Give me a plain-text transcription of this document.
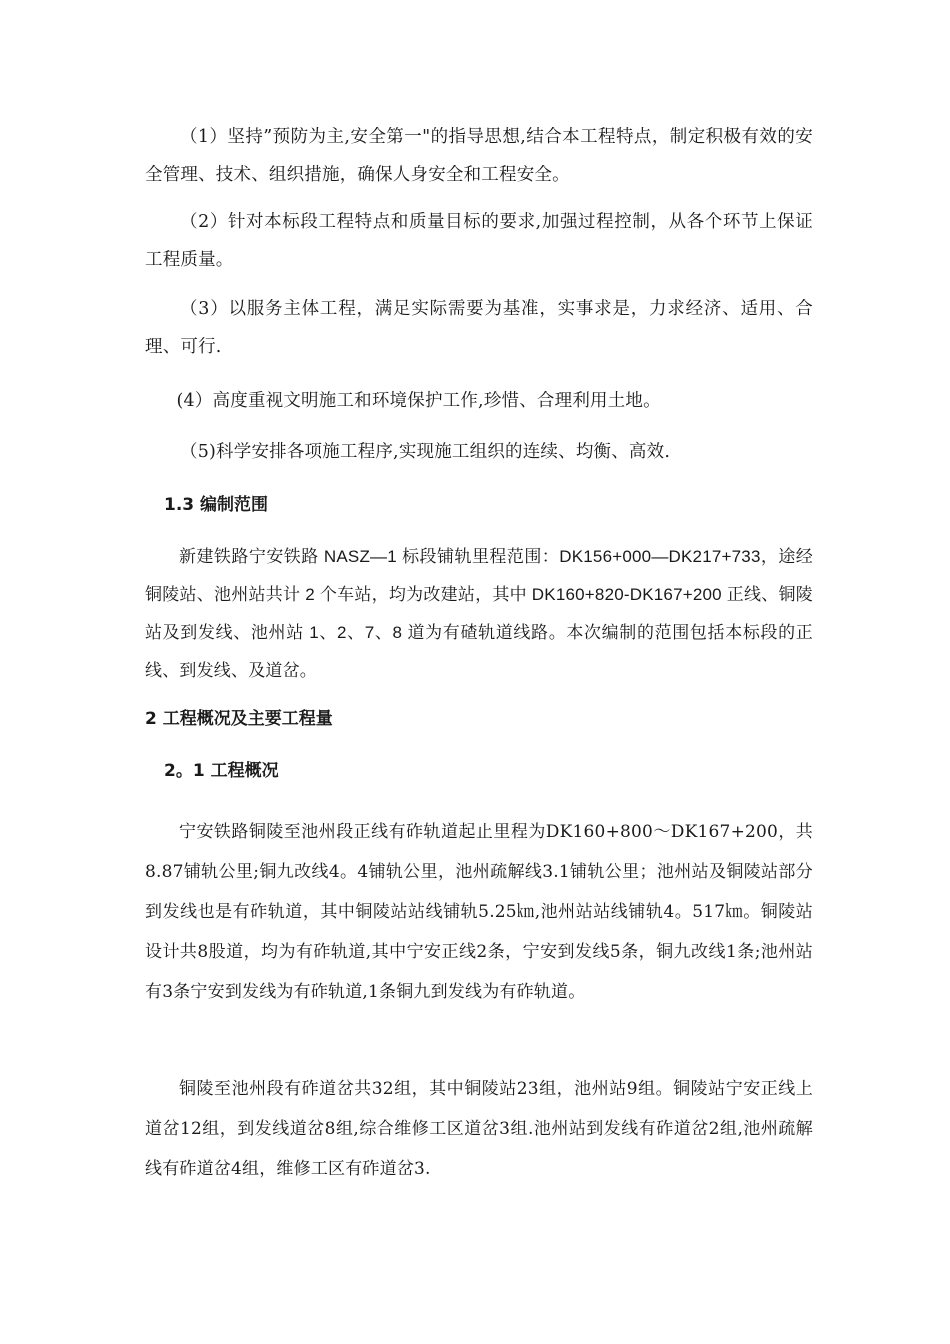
（1）坚持”预防为主,安全第一"的指导思想,结合本工程特点，制定积极有效的安全管理、技术、组织措施，确保人身安全和工程安全。

（2）针对本标段工程特点和质量目标的要求,加强过程控制，从各个环节上保证工程质量。

（3）以服务主体工程，满足实际需要为基准，实事求是，力求经济、适用、合理、可行.

(4）高度重视文明施工和环境保护工作,珍惜、合理利用土地。

（5)科学安排各项施工程序,实现施工组织的连续、均衡、高效.

1.3 编制范围

新建铁路宁安铁路 NASZ—1 标段铺轨里程范围：DK156+000—DK217+733，途经铜陵站、池州站共计 2 个车站，均为改建站，其中 DK160+820-DK167+200 正线、铜陵站及到发线、池州站 1、2、7、8 道为有碴轨道线路。本次编制的范围包括本标段的正线、到发线、及道岔。

2 工程概况及主要工程量
2。1 工程概况

宁安铁路铜陵至池州段正线有砟轨道起止里程为DK160+800～DK167+200，共8.87铺轨公里;铜九改线4。4铺轨公里，池州疏解线3.1铺轨公里；池州站及铜陵站部分到发线也是有砟轨道，其中铜陵站站线铺轨5.25㎞,池州站站线铺轨4。517㎞。铜陵站设计共8股道，均为有砟轨道,其中宁安正线2条，宁安到发线5条，铜九改线1条;池州站有3条宁安到发线为有砟轨道,1条铜九到发线为有砟轨道。

铜陵至池州段有砟道岔共32组，其中铜陵站23组，池州站9组。铜陵站宁安正线上道岔12组，到发线道岔8组,综合维修工区道岔3组.池州站到发线有砟道岔2组,池州疏解线有砟道岔4组，维修工区有砟道岔3.
